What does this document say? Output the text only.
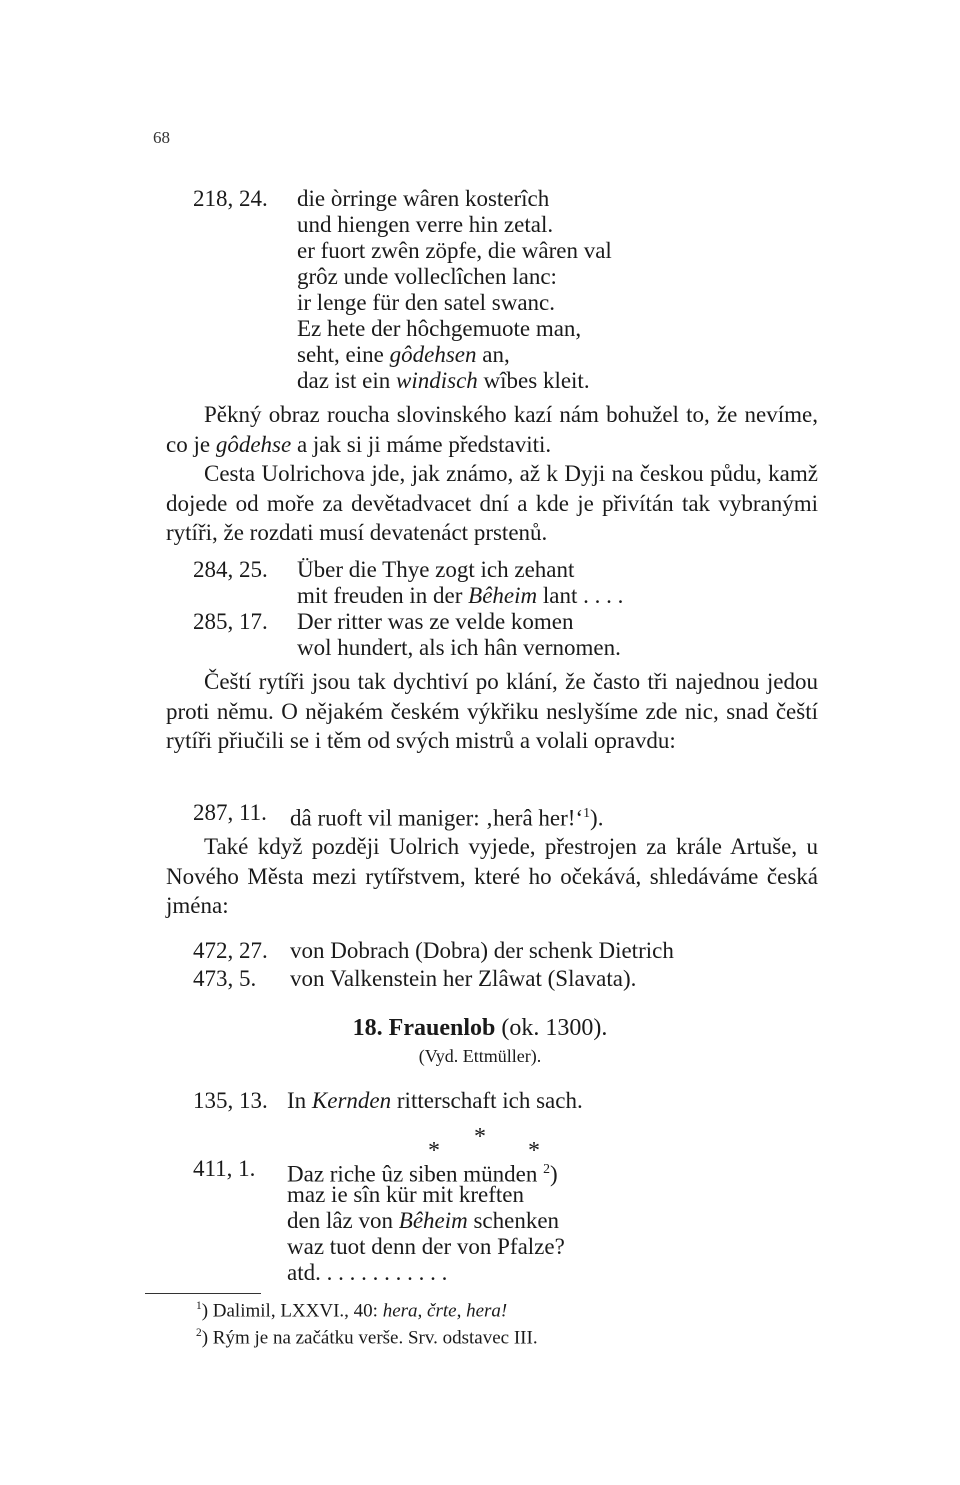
68
218, 24. die òrringe wâren kosterîch
und hiengen verre hin zetal.
er fuort zwên zöpfe, die wâren val
grôz unde volleclîchen lanc:
ir lenge für den satel swanc.
Ez hete der hôchgemuote man,
seht, eine gôdehsen an,
daz ist ein windisch wîbes kleit.

Pěkný obraz roucha slovinského kazí nám bohužel to, že nevíme, co je gôdehse a jak si ji máme představiti.

Cesta Uolrichova jde, jak známo, až k Dyji na českou půdu, kamž dojede od moře za devětadvacet dní a kde je přivítán tak vybranými rytíři, že rozdati musí devatenáct prstenů.

284, 25. Über die Thye zogt ich zehant
mit freuden in der Bêheim lant . . . .
285, 17. Der ritter was ze velde komen
wol hundert, als ich hân vernomen.

Čeští rytíři jsou tak dychtiví po klání, že často tři najednou jedou proti němu. O nějakém českém výkřiku neslyšíme zde nic, snad čeští rytíři přiučili se i těm od svých mistrů a volali opravdu:

287, 11. dâ ruoft vil maniger: ‚herâ her!‘$^1$).

Také když později Uolrich vyjede, přestrojen za krále Artuše, u Nového Města mezi rytířstvem, které ho očekává, shledáváme česká jména:

472, 27. von Dobrach (Dobra) der schenk Dietrich
473, 5. von Valkenstein her Zlâwat (Slavata).
18. Frauenlob (ok. 1300).
(Vyd. Ettmüller).
135, 13. In Kernden ritterschaft ich sach.
*
*	*
411, 1. Daz riche ûz siben münden $^2$)
maz ie sîn kür mit kreften
den lâz von Bêheim schenken
waz tuot denn der von Pfalze?
atd. . . . . . . . . . . .
$^1$) Dalimil, LXXVI., 40: hera, črte, hera!
$^2$) Rým je na začátku verše. Srv. odstavec III.
